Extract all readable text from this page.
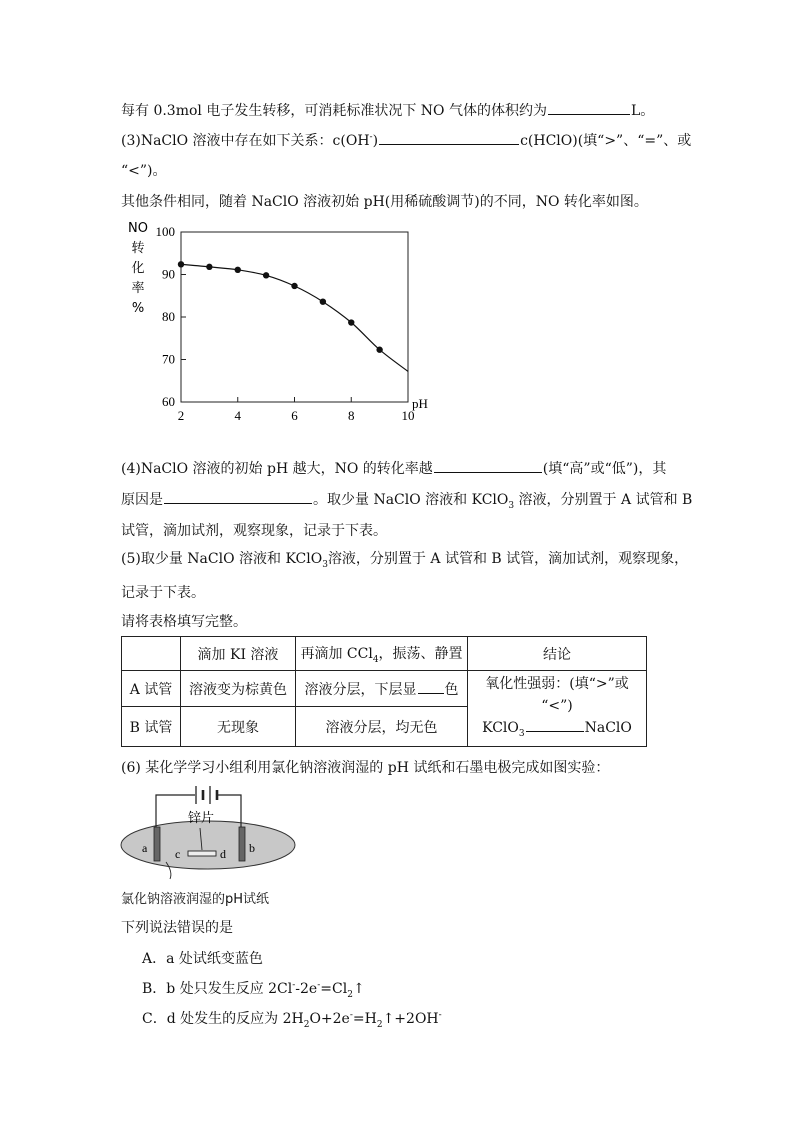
每有 0.3mol 电子发生转移，可消耗标准状况下 NO 气体的体积约为	L。
(3)NaClO 溶液中存在如下关系：c(OH-)	c(HClO)(填“>”、“=”、或
“<”)。
其他条件相同，随着 NaClO 溶液初始 pH(用稀硫酸调节)的不同，NO 转化率如图。
NO
转
化
率
%
100
90
80
70
60
2	4	6	8	10
pH
(4)NaClO 溶液的初始 pH 越大，NO 的转化率越	(填“高”或“低”)，其
原因是	。取少量 NaClO 溶液和 KClO$_3$ 溶液，分别置于 A 试管和 B
试管，滴加试剂，观察现象，记录于下表。
(5)取少量 NaClO 溶液和 KClO$_3$溶液，分别置于 A 试管和 B 试管，滴加试剂，观察现象，
记录于下表。
请将表格填写完整。
	滴加 KI 溶液	再滴加 CCl$_4$，振荡、静置	结论
A 试管	溶液变为棕黄色	溶液分层，下层显 色	氧化性强弱：(填“>”或
“<”)
KClO$_3$ NaClO

B 试管	无现象	溶液分层，均无色	
(6) 某化学学习小组利用氯化钠溶液润湿的 pH 试纸和石墨电极完成如图实验：
锌片
a	b
c	d
氯化钠溶液润湿的pH试纸
下列说法错误的是
A．a 处试纸变蓝色
B．b 处只发生反应 $2Cl^--2e^-=Cl_2↑$
C．d 处发生的反应为 $2H_2O+2e^-=H_2↑+2OH^-$
